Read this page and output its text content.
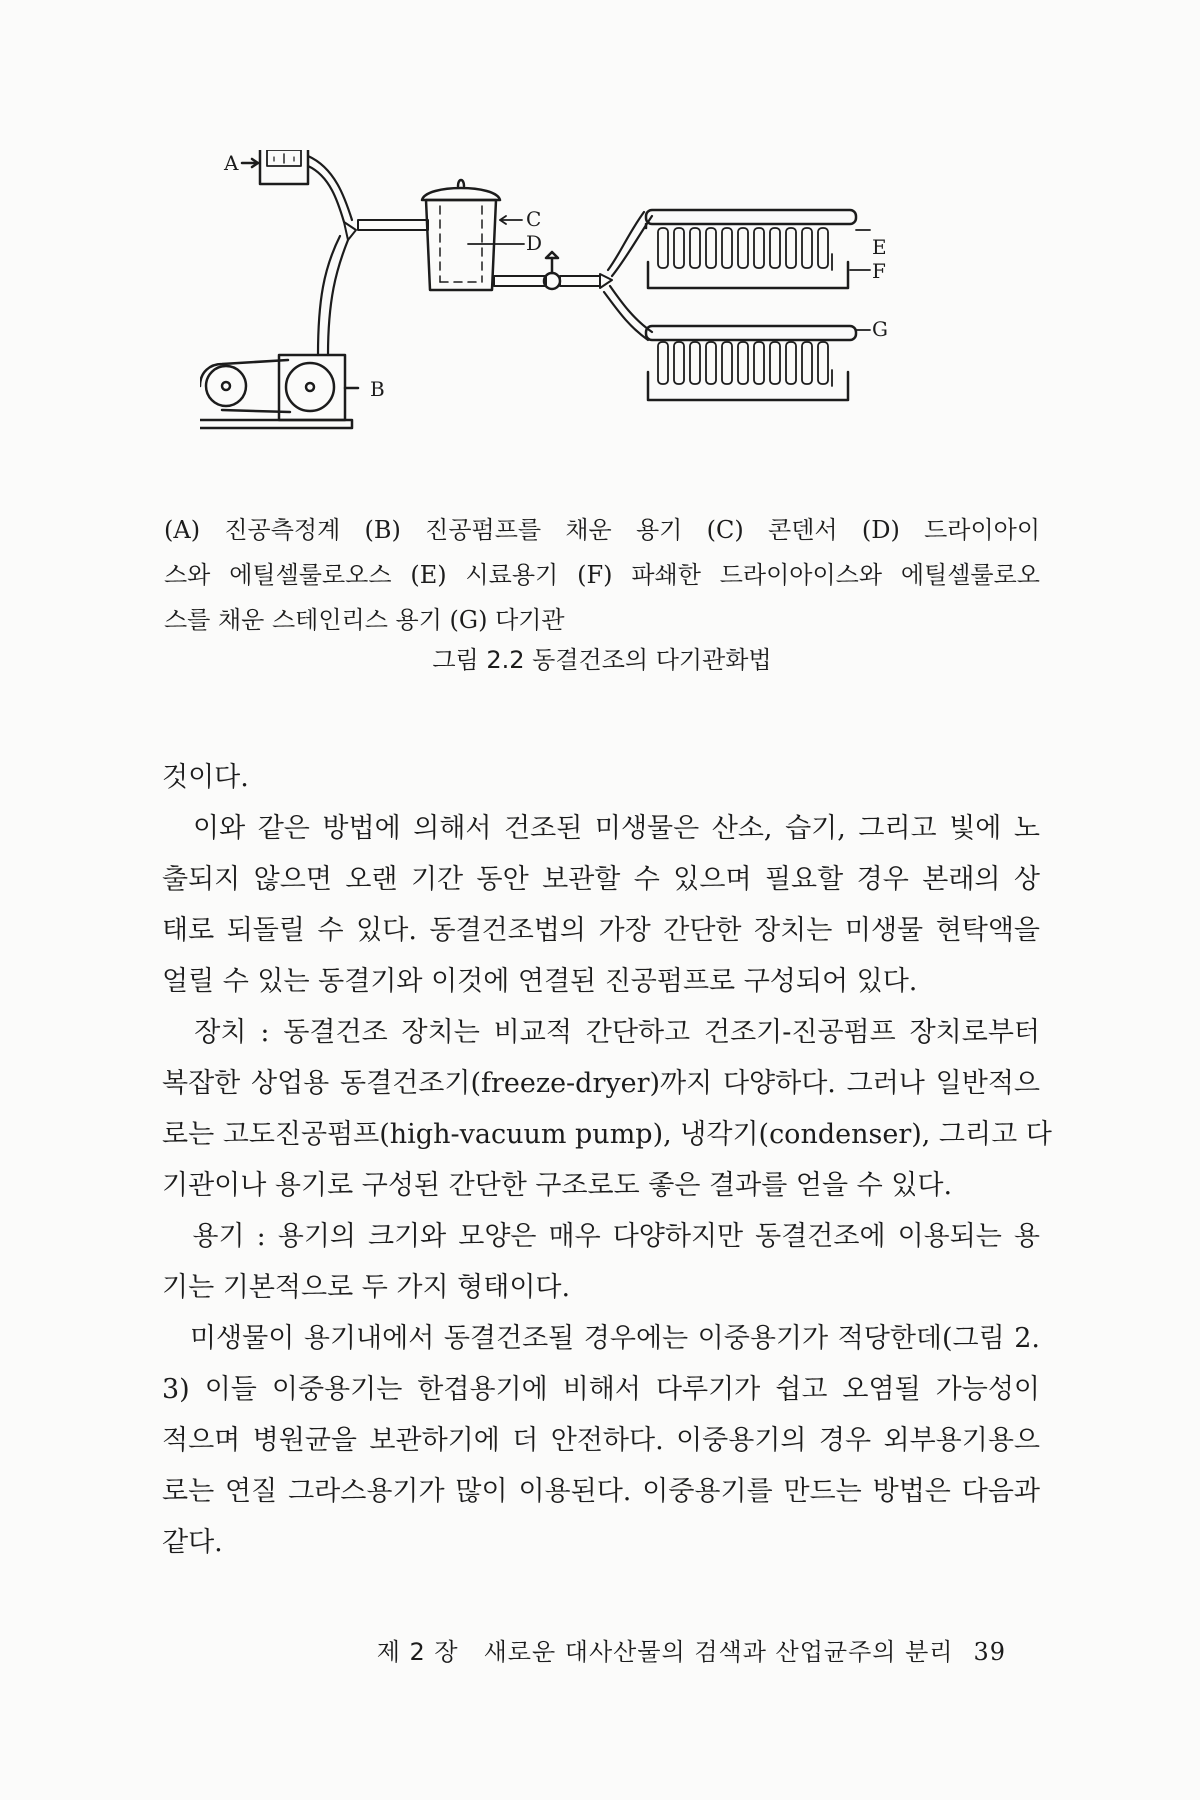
A
B
C
D	E
F
G
(A) 진공측정계 (B) 진공펌프를 채운 용기 (C) 콘덴서 (D) 드라이아이
스와 에틸셀룰로오스 (E) 시료용기 (F) 파쇄한 드라이아이스와 에틸셀룰로오
스를 채운 스테인리스 용기 (G) 다기관
그림 2.2 동결건조의 다기관화법
것이다.
　이와 같은 방법에 의해서 건조된 미생물은 산소, 습기, 그리고 빛에 노
출되지 않으면 오랜 기간 동안 보관할 수 있으며 필요할 경우 본래의 상
태로 되돌릴 수 있다. 동결건조법의 가장 간단한 장치는 미생물 현탁액을
얼릴 수 있는 동결기와 이것에 연결된 진공펌프로 구성되어 있다.
　장치 : 동결건조 장치는 비교적 간단하고 건조기-진공펌프 장치로부터
복잡한 상업용 동결건조기(freeze-dryer)까지 다양하다. 그러나 일반적으
로는 고도진공펌프(high-vacuum pump), 냉각기(condenser), 그리고 다
기관이나 용기로 구성된 간단한 구조로도 좋은 결과를 얻을 수 있다.
　용기 : 용기의 크기와 모양은 매우 다양하지만 동결건조에 이용되는 용
기는 기본적으로 두 가지 형태이다.
　미생물이 용기내에서 동결건조될 경우에는 이중용기가 적당한데(그림 2.
3) 이들 이중용기는 한겹용기에 비해서 다루기가 쉽고 오염될 가능성이
적으며 병원균을 보관하기에 더 안전하다. 이중용기의 경우 외부용기용으
로는 연질 그라스용기가 많이 이용된다. 이중용기를 만드는 방법은 다음과
같다.
제 2 장　새로운 대사산물의 검색과 산업균주의 분리 39
